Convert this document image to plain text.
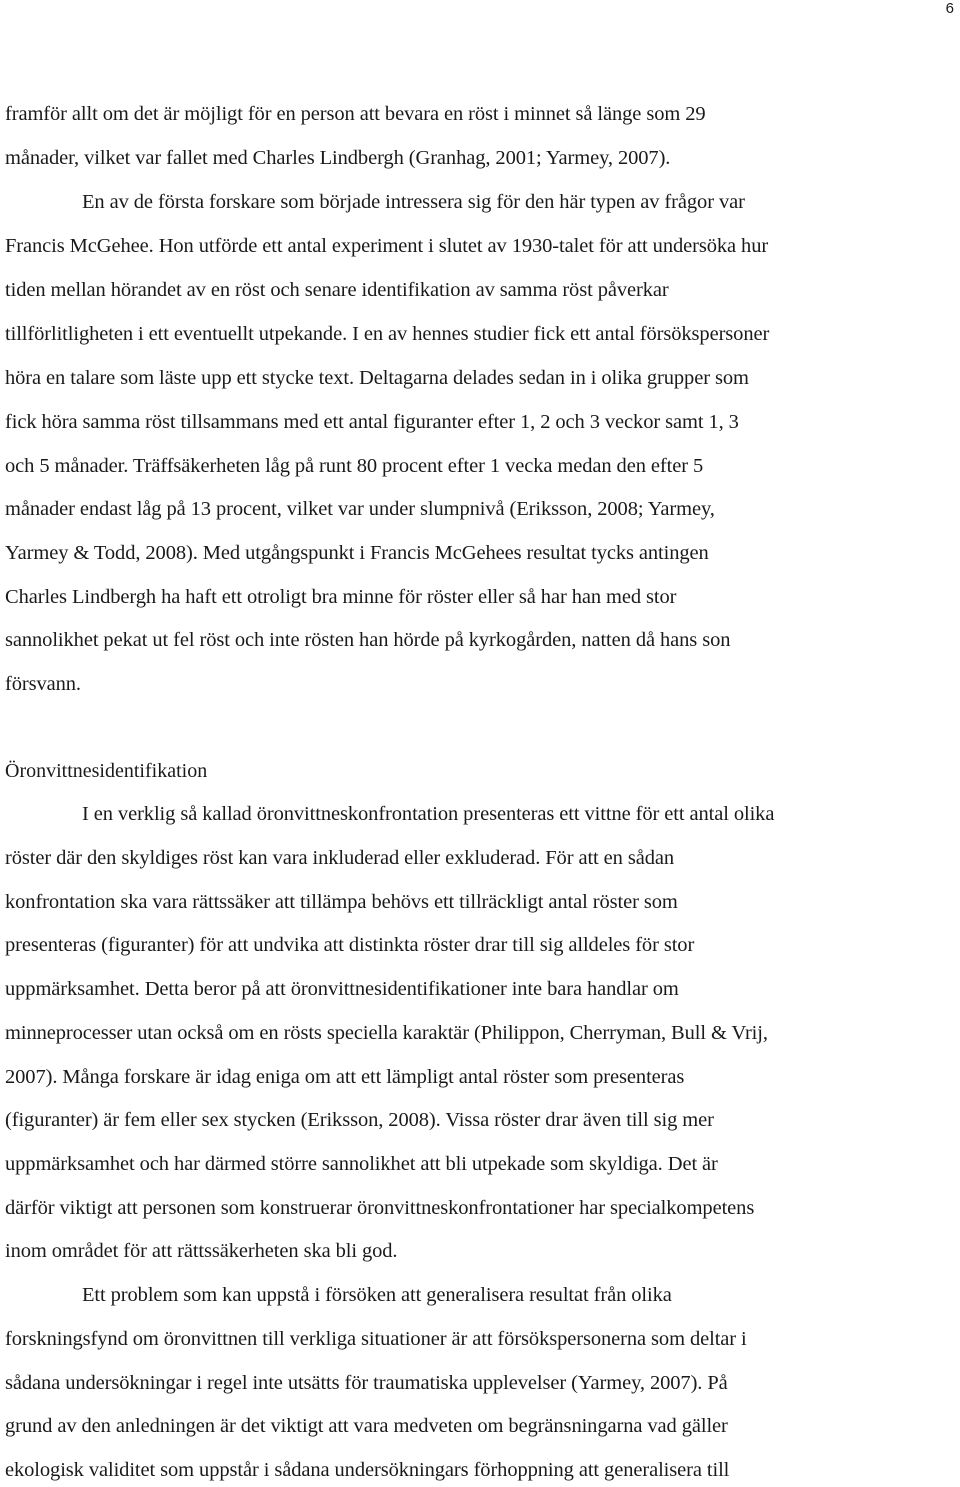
6
framför allt om det är möjligt för en person att bevara en röst i minnet så länge som 29
månader, vilket var fallet med Charles Lindbergh (Granhag, 2001; Yarmey, 2007).
En av de första forskare som började intressera sig för den här typen av frågor var
Francis McGehee. Hon utförde ett antal experiment i slutet av 1930-talet för att undersöka hur
tiden mellan hörandet av en röst och senare identifikation av samma röst påverkar
tillförlitligheten i ett eventuellt utpekande. I en av hennes studier fick ett antal försökspersoner
höra en talare som läste upp ett stycke text. Deltagarna delades sedan in i olika grupper som
fick höra samma röst tillsammans med ett antal figuranter efter 1, 2 och 3 veckor samt 1, 3
och 5 månader. Träffsäkerheten låg på runt 80 procent efter 1 vecka medan den efter 5
månader endast låg på 13 procent, vilket var under slumpnivå (Eriksson, 2008; Yarmey,
Yarmey & Todd, 2008). Med utgångspunkt i Francis McGehees resultat tycks antingen
Charles Lindbergh ha haft ett otroligt bra minne för röster eller så har han med stor
sannolikhet pekat ut fel röst och inte rösten han hörde på kyrkogården, natten då hans son
försvann.
Öronvittnesidentifikation
I en verklig så kallad öronvittneskonfrontation presenteras ett vittne för ett antal olika
röster där den skyldiges röst kan vara inkluderad eller exkluderad. För att en sådan
konfrontation ska vara rättssäker att tillämpa behövs ett tillräckligt antal röster som
presenteras (figuranter) för att undvika att distinkta röster drar till sig alldeles för stor
uppmärksamhet. Detta beror på att öronvittnesidentifikationer inte bara handlar om
minneprocesser utan också om en rösts speciella karaktär (Philippon, Cherryman, Bull & Vrij,
2007). Många forskare är idag eniga om att ett lämpligt antal röster som presenteras
(figuranter) är fem eller sex stycken (Eriksson, 2008). Vissa röster drar även till sig mer
uppmärksamhet och har därmed större sannolikhet att bli utpekade som skyldiga. Det är
därför viktigt att personen som konstruerar öronvittneskonfrontationer har specialkompetens
inom området för att rättssäkerheten ska bli god.
Ett problem som kan uppstå i försöken att generalisera resultat från olika
forskningsfynd om öronvittnen till verkliga situationer är att försökspersonerna som deltar i
sådana undersökningar i regel inte utsätts för traumatiska upplevelser (Yarmey, 2007). På
grund av den anledningen är det viktigt att vara medveten om begränsningarna vad gäller
ekologisk validitet som uppstår i sådana undersökningars förhoppning att generalisera till
